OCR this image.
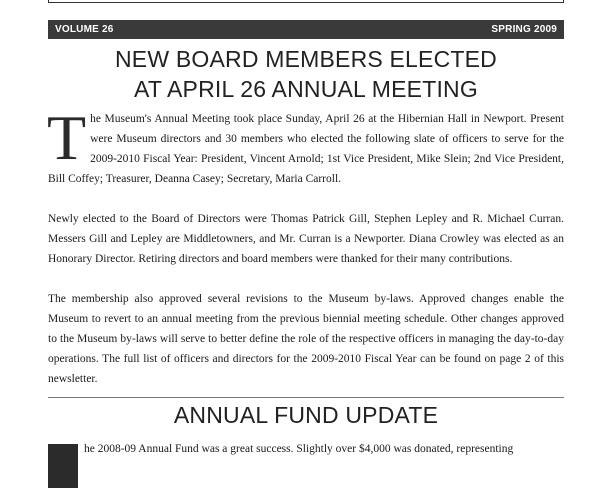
VOLUME 26	SPRING 2009
NEW BOARD MEMBERS ELECTED
AT APRIL 26 ANNUAL MEETING

The Museum's Annual Meeting took place Sunday, April 26 at the Hibernian Hall in Newport. Present were Museum directors and 30 members who elected the following slate of officers to serve for the 2009-2010 Fiscal Year: President, Vincent Arnold; 1st Vice President, Mike Slein; 2nd Vice President, Bill Coffey; Treasurer, Deanna Casey; Secretary, Maria Carroll.

Newly elected to the Board of Directors were Thomas Patrick Gill, Stephen Lepley and R. Michael Curran. Messers Gill and Lepley are Middletowners, and Mr. Curran is a Newporter. Diana Crowley was elected as an Honorary Director. Retiring directors and board members were thanked for their many contributions.

The membership also approved several revisions to the Museum by-laws. Approved changes enable the Museum to revert to an annual meeting from the previous biennial meeting schedule. Other changes approved to the Museum by-laws will serve to better define the role of the respective officers in managing the day-to-day operations. The full list of officers and directors for the 2009-2010 Fiscal Year can be found on page 2 of this newsletter.

ANNUAL FUND UPDATE

he 2008-09 Annual Fund was a great success. Slightly over $4,000 was donated, representing
